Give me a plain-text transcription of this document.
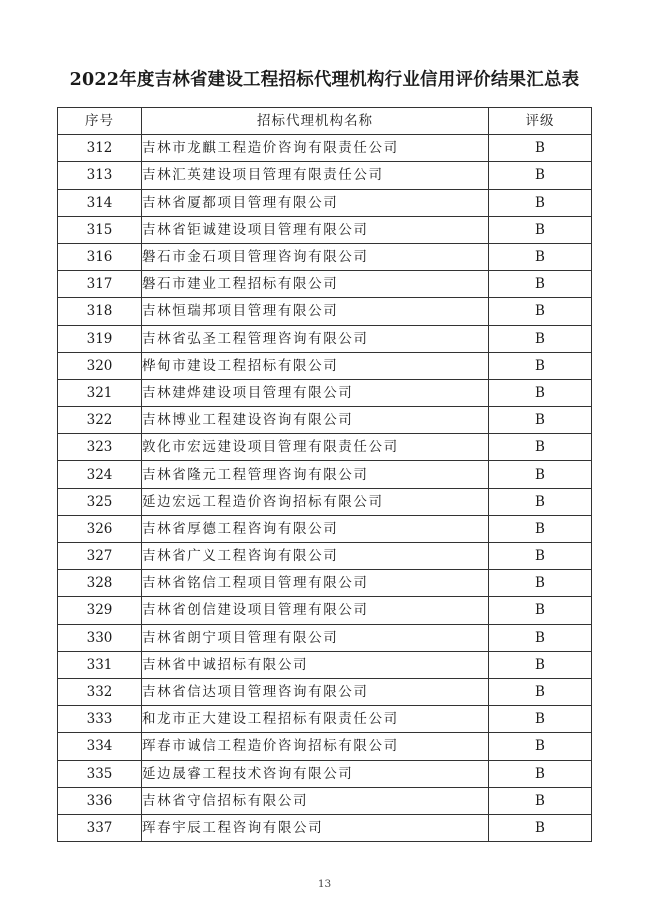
2022年度吉林省建设工程招标代理机构行业信用评价结果汇总表
序号	招标代理机构名称	评级
312	吉林市龙麒工程造价咨询有限责任公司	B
313	吉林汇英建设项目管理有限责任公司	B
314	吉林省厦都项目管理有限公司	B
315	吉林省钜诚建设项目管理有限公司	B
316	磐石市金石项目管理咨询有限公司	B
317	磐石市建业工程招标有限公司	B
318	吉林恒瑞邦项目管理有限公司	B
319	吉林省弘圣工程管理咨询有限公司	B
320	桦甸市建设工程招标有限公司	B
321	吉林建烨建设项目管理有限公司	B
322	吉林博业工程建设咨询有限公司	B
323	敦化市宏远建设项目管理有限责任公司	B
324	吉林省隆元工程管理咨询有限公司	B
325	延边宏远工程造价咨询招标有限公司	B
326	吉林省厚德工程咨询有限公司	B
327	吉林省广义工程咨询有限公司	B
328	吉林省铭信工程项目管理有限公司	B
329	吉林省创信建设项目管理有限公司	B
330	吉林省朗宁项目管理有限公司	B
331	吉林省中诚招标有限公司	B
332	吉林省信达项目管理咨询有限公司	B
333	和龙市正大建设工程招标有限责任公司	B
334	珲春市诚信工程造价咨询招标有限公司	B
335	延边晟睿工程技术咨询有限公司	B
336	吉林省守信招标有限公司	B
337	珲春宇辰工程咨询有限公司	B
13
